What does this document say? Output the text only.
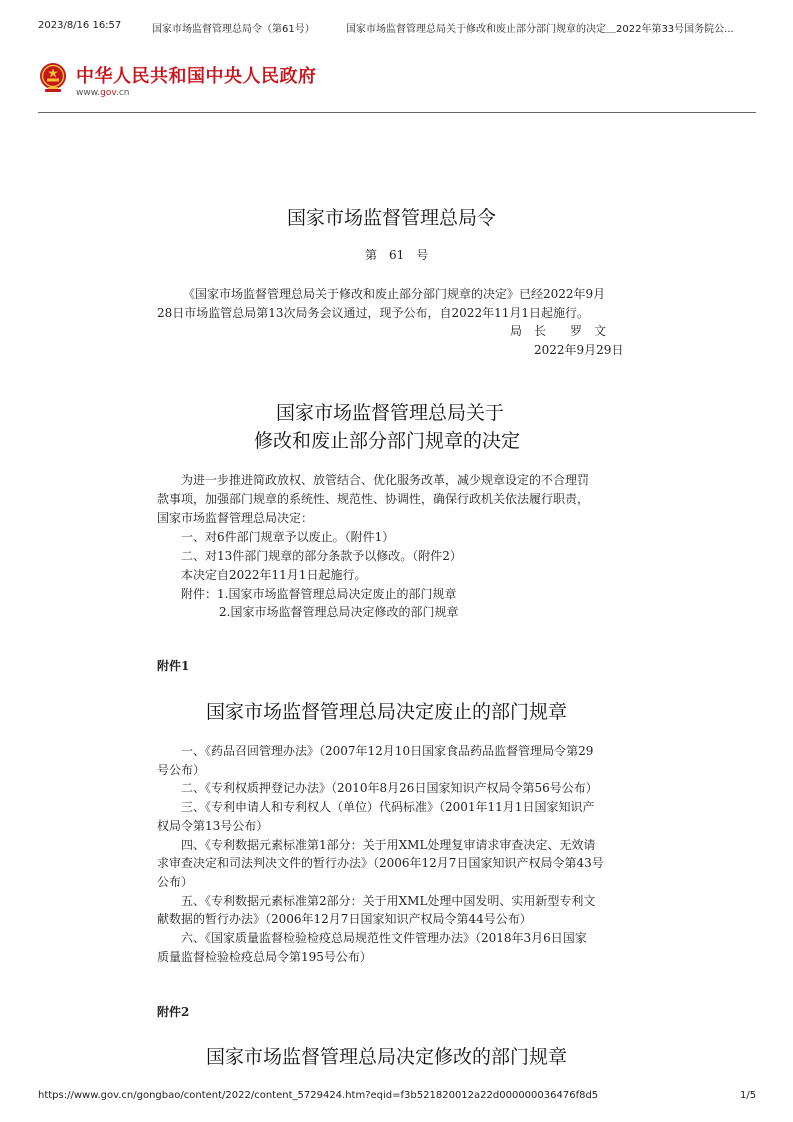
2023/8/16 16:57	国家市场监督管理总局令（第61号）	国家市场监督管理总局关于修改和废止部分部门规章的决定＿2022年第33号国务院公...
中华人民共和国中央人民政府
www.gov.cn
国家市场监督管理总局令
第　61　号
《国家市场监督管理总局关于修改和废止部分部门规章的决定》已经2022年9月
28日市场监管总局第13次局务会议通过，现予公布，自2022年11月1日起施行。
局　长　　罗　文
2022年9月29日
国家市场监督管理总局关于
修改和废止部分部门规章的决定
为进一步推进简政放权、放管结合、优化服务改革，减少规章设定的不合理罚
款事项，加强部门规章的系统性、规范性、协调性，确保行政机关依法履行职责，
国家市场监督管理总局决定：
一、对6件部门规章予以废止。（附件1）
二、对13件部门规章的部分条款予以修改。（附件2）
本决定自2022年11月1日起施行。
附件：1.国家市场监督管理总局决定废止的部门规章
2.国家市场监督管理总局决定修改的部门规章
附件1
国家市场监督管理总局决定废止的部门规章
一、《药品召回管理办法》（2007年12月10日国家食品药品监督管理局令第29
号公布）
二、《专利权质押登记办法》（2010年8月26日国家知识产权局令第56号公布）
三、《专利申请人和专利权人（单位）代码标准》（2001年11月1日国家知识产
权局令第13号公布）
四、《专利数据元素标准第1部分：关于用XML处理复审请求审查决定、无效请
求审查决定和司法判决文件的暂行办法》（2006年12月7日国家知识产权局令第43号
公布）
五、《专利数据元素标准第2部分：关于用XML处理中国发明、实用新型专利文
献数据的暂行办法》（2006年12月7日国家知识产权局令第44号公布）
六、《国家质量监督检验检疫总局规范性文件管理办法》（2018年3月6日国家
质量监督检验检疫总局令第195号公布）
附件2
国家市场监督管理总局决定修改的部门规章
https://www.gov.cn/gongbao/content/2022/content_5729424.htm?eqid=f3b521820012a22d000000036476f8d5	1/5
